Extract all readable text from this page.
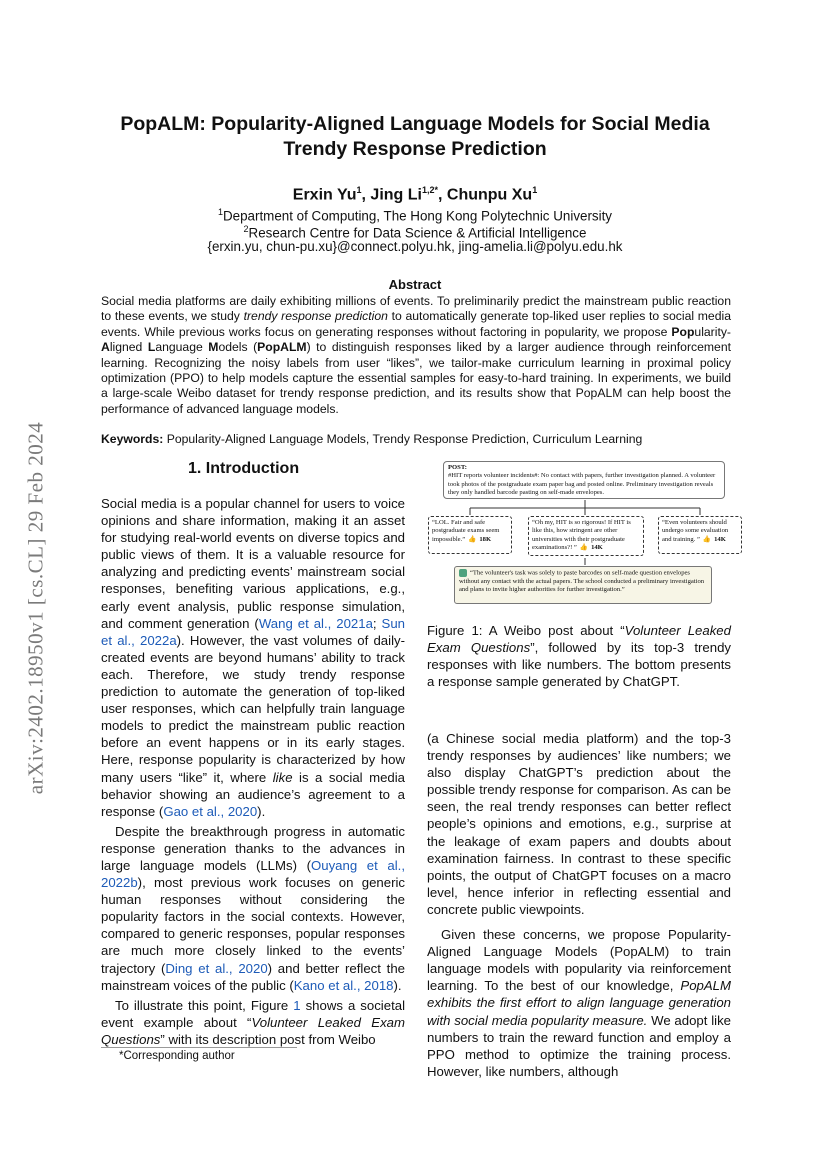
arXiv:2402.18950v1 [cs.CL] 29 Feb 2024
PopALM: Popularity-Aligned Language Models for Social Media
Trendy Response Prediction
Erxin Yu$^1$, Jing $Li^{1,2*}$, Chunpu Xu$^1$
$^1$Department of Computing, The Hong Kong Polytechnic University
$^2$Research Centre for Data Science & Artificial Intelligence
{erxin.yu, chun-pu.xu}@connect.polyu.hk, jing-amelia.li@polyu.edu.hk
Abstract
Social media platforms are daily exhibiting millions of events. To preliminarily predict the mainstream public reaction to these events, we study trendy response prediction to automatically generate top-liked user replies to social media events. While previous works focus on generating responses without factoring in popularity, we propose Popularity-Aligned Language Models (PopALM) to distinguish responses liked by a larger audience through reinforcement learning. Recognizing the noisy labels from user “likes”, we tailor-make curriculum learning in proximal policy optimization (PPO) to help models capture the essential samples for easy-to-hard training. In experiments, we build a large-scale Weibo dataset for trendy response prediction, and its results show that PopALM can help boost the performance of advanced language models.
Keywords: Popularity-Aligned Language Models, Trendy Response Prediction, Curriculum Learning
1. Introduction

Social media is a popular channel for users to voice opinions and share information, making it an asset for studying real-world events on diverse topics and public views of them. It is a valuable resource for analyzing and predicting events’ mainstream social responses, benefiting various applications, e.g., early event analysis, public response simulation, and comment generation (Wang et al., 2021a; Sun et al., 2022a). However, the vast volumes of daily-created events are beyond humans’ ability to track each. Therefore, we study trendy response prediction to automate the generation of top-liked user responses, which can helpfully train language models to predict the mainstream public reaction before an event happens or in its early stages. Here, response popularity is characterized by how many users “like” it, where like is a social media behavior showing an audience’s agreement to a response (Gao et al., 2020).

Despite the breakthrough progress in automatic response generation thanks to the advances in large language models (LLMs) (Ouyang et al., 2022b), most previous work focuses on generic human responses without considering the popularity factors in the social contexts. However, compared to generic responses, popular responses are much more closely linked to the events’ trajectory (Ding et al., 2020) and better reflect the mainstream voices of the public (Kano et al., 2018).

To illustrate this point, Figure 1 shows a societal event example about “Volunteer Leaked Exam Questions” with its description post from Weibo

*Corresponding author
POST:
#HIT reports volunteer incidents#: No contact with papers, further investigation planned. A volunteer took photos of the postgraduate exam paper bag and posted online. Preliminary investigation reveals they only handled barcode pasting on self-made envelopes.
“LOL. Fair and safe postgraduate exams seem impossible.” 👍 18K
“Oh my, HIT is so rigorous! If HIT is like this, how stringent are other universities with their postgraduate examinations?! ” 👍 14K
“Even volunteers should undergo some evaluation and training. ” 👍 14K
“The volunteer's task was solely to paste barcodes on self-made question envelopes without any contact with the actual papers. The school conducted a preliminary investigation and plans to invite higher authorities for further investigation.”
Figure 1: A Weibo post about “Volunteer Leaked Exam Questions”, followed by its top-3 trendy responses with like numbers. The bottom presents a response sample generated by ChatGPT.

(a Chinese social media platform) and the top-3 trendy responses by audiences’ like numbers; we also display ChatGPT’s prediction about the possible trendy response for comparison. As can be seen, the real trendy responses can better reflect people’s opinions and emotions, e.g., surprise at the leakage of exam papers and doubts about examination fairness. In contrast to these specific points, the output of ChatGPT focuses on a macro level, hence inferior in reflecting essential and concrete public viewpoints.

Given these concerns, we propose Popularity-Aligned Language Models (PopALM) to train language models with popularity via reinforcement learning. To the best of our knowledge, PopALM exhibits the first effort to align language generation with social media popularity measure. We adopt like numbers to train the reward function and employ a PPO method to optimize the training process. However, like numbers, although
